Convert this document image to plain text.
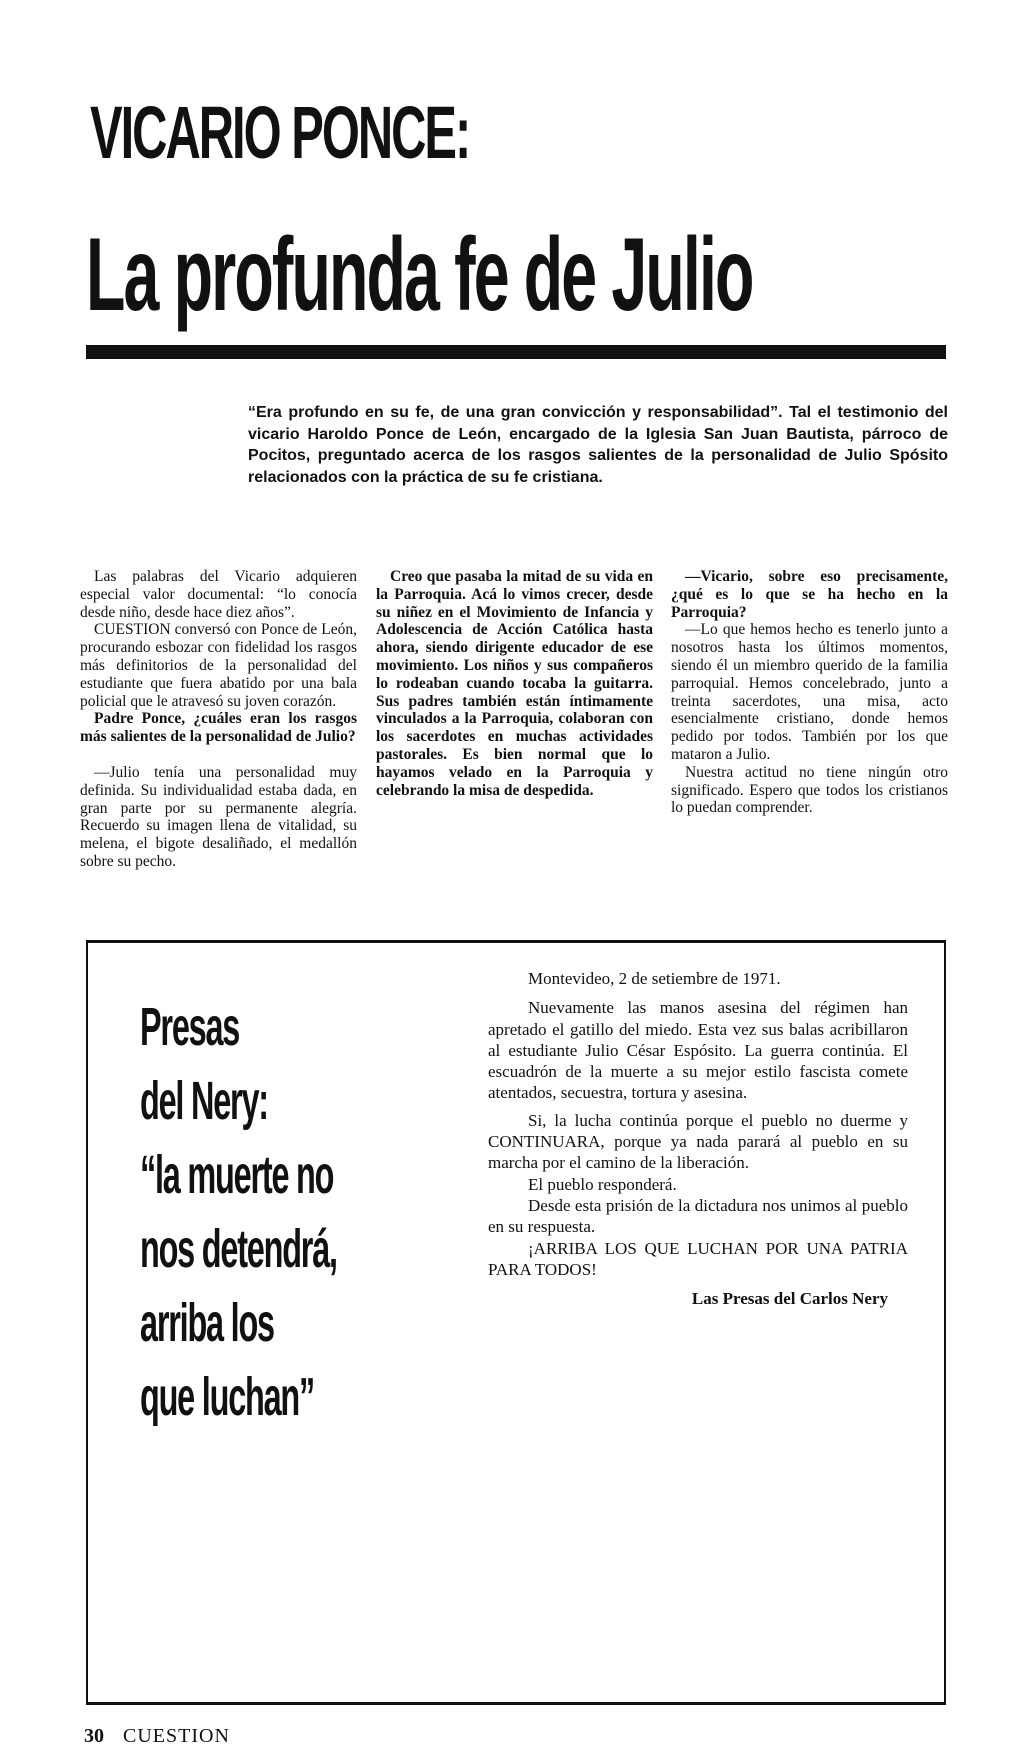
VICARIO PONCE:
La profunda fe de Julio
“Era profundo en su fe, de una gran convicción y responsabilidad”. Tal el testimonio del vicario Haroldo Ponce de León, encargado de la Iglesia San Juan Bautista, párroco de Pocitos, preguntado acerca de los rasgos salientes de la personalidad de Julio Spósito relacionados con la práctica de su fe cristiana.

Las palabras del Vicario adquieren especial valor documental: “lo conocía desde niño, desde hace diez años”.

CUESTION conversó con Ponce de León, procurando esbozar con fidelidad los rasgos más definitorios de la personalidad del estudiante que fuera abatido por una bala policial que le atravesó su joven corazón.

Padre Ponce, ¿cuáles eran los rasgos más salientes de la personalidad de Julio?

—Julio tenía una personalidad muy definida. Su individualidad estaba dada, en gran parte por su permanente alegría. Recuerdo su imagen llena de vitalidad, su melena, el bigote desaliñado, el medallón sobre su pecho.

Creo que pasaba la mitad de su vida en la Parroquia. Acá lo vimos crecer, desde su niñez en el Movimiento de Infancia y Adolescencia de Acción Católica hasta ahora, siendo dirigente educador de ese movimiento. Los niños y sus compañeros lo rodeaban cuando tocaba la guitarra. Sus padres también están íntimamente vinculados a la Parroquia, colaboran con los sacerdotes en muchas actividades pastorales. Es bien normal que lo hayamos velado en la Parroquia y celebrando la misa de despedida.

—Vicario, sobre eso precisamente, ¿qué es lo que se ha hecho en la Parroquia?

—Lo que hemos hecho es tenerlo junto a nosotros hasta los últimos momentos, siendo él un miembro querido de la familia parroquial. Hemos concelebrado, junto a treinta sacerdotes, una misa, acto esencialmente cristiano, donde hemos pedido por todos. También por los que mataron a Julio.

Nuestra actitud no tiene ningún otro significado. Espero que todos los cristianos lo puedan comprender.

Presas
del Nery:
“la muerte no
nos detendrá,
arriba los
que luchan”

Montevideo, 2 de setiembre de 1971.

Nuevamente las manos asesina del régimen han apretado el gatillo del miedo. Esta vez sus balas acribillaron al estudiante Julio César Espósito. La guerra continúa. El escuadrón de la muerte a su mejor estilo fascista comete atentados, secuestra, tortura y asesina.

Si, la lucha continúa porque el pueblo no duerme y CONTINUARA, porque ya nada parará al pueblo en su marcha por el camino de la liberación.

El pueblo responderá.

Desde esta prisión de la dictadura nos unimos al pueblo en su respuesta.

¡ARRIBA LOS QUE LUCHAN POR UNA PATRIA PARA TODOS!

Las Presas del Carlos Nery

30 CUESTION
